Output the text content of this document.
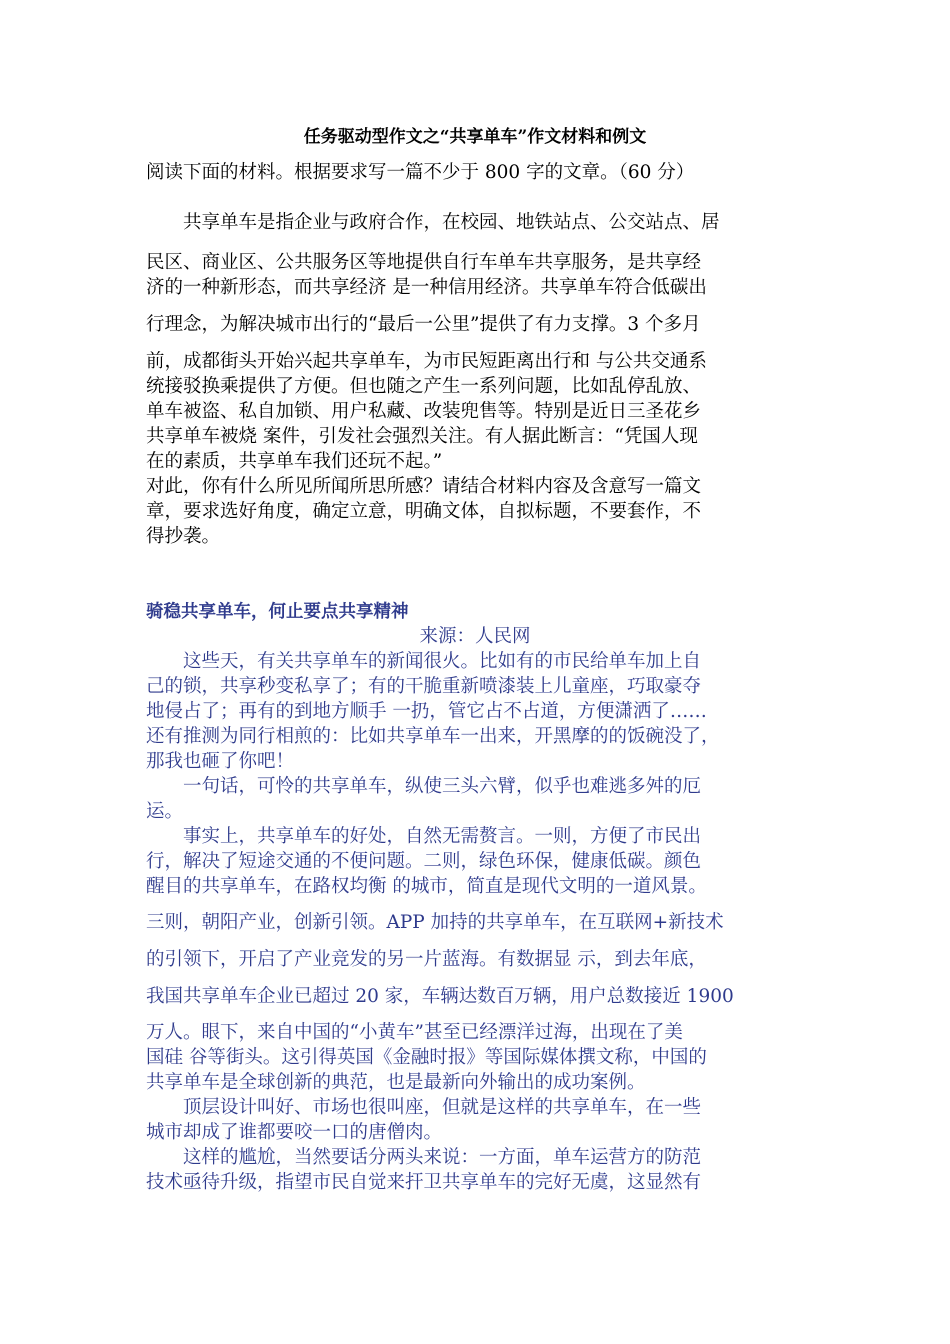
任务驱动型作文之“共享单车”作文材料和例文
阅读下面的材料。根据要求写一篇不少于 800 字的文章。（60 分）
　　共享单车是指企业与政府合作，在校园、地铁站点、公交站点、居
民区、商业区、公共服务区等地提供自行车单车共享服务，是共享经
济的一种新形态，而共享经济 是一种信用经济。共享单车符合低碳出
行理念，为解决城市出行的“最后一公里”提供了有力支撑。3 个多月
前，成都街头开始兴起共享单车，为市民短距离出行和 与公共交通系
统接驳换乘提供了方便。但也随之产生一系列问题，比如乱停乱放、
单车被盗、私自加锁、用户私藏、改装兜售等。特别是近日三圣花乡
共享单车被烧 案件，引发社会强烈关注。有人据此断言：“凭国人现
在的素质，共享单车我们还玩不起。”
对此，你有什么所见所闻所思所感？请结合材料内容及含意写一篇文
章，要求选好角度，确定立意，明确文体，自拟标题，不要套作，不
得抄袭。
骑稳共享单车，何止要点共享精神
来源：人民网
　　这些天，有关共享单车的新闻很火。比如有的市民给单车加上自
己的锁，共享秒变私享了；有的干脆重新喷漆装上儿童座，巧取豪夺
地侵占了；再有的到地方顺手 一扔，管它占不占道，方便潇洒了……
还有推测为同行相煎的：比如共享单车一出来，开黑摩的的饭碗没了，
那我也砸了你吧！
　　一句话，可怜的共享单车，纵使三头六臂，似乎也难逃多舛的厄
运。
　　事实上，共享单车的好处，自然无需赘言。一则，方便了市民出
行，解决了短途交通的不便问题。二则，绿色环保，健康低碳。颜色
醒目的共享单车，在路权均衡 的城市，简直是现代文明的一道风景。
三则，朝阳产业，创新引领。APP 加持的共享单车，在互联网+新技术
的引领下，开启了产业竞发的另一片蓝海。有数据显 示，到去年底，
我国共享单车企业已超过 20 家，车辆达数百万辆，用户总数接近 1900
万人。眼下，来自中国的“小黄车”甚至已经漂洋过海，出现在了美
国硅 谷等街头。这引得英国《金融时报》等国际媒体撰文称，中国的
共享单车是全球创新的典范，也是最新向外输出的成功案例。
　　顶层设计叫好、市场也很叫座，但就是这样的共享单车，在一些
城市却成了谁都要咬一口的唐僧肉。
　　这样的尴尬，当然要话分两头来说：一方面，单车运营方的防范
技术亟待升级，指望市民自觉来扞卫共享单车的完好无虞，这显然有
